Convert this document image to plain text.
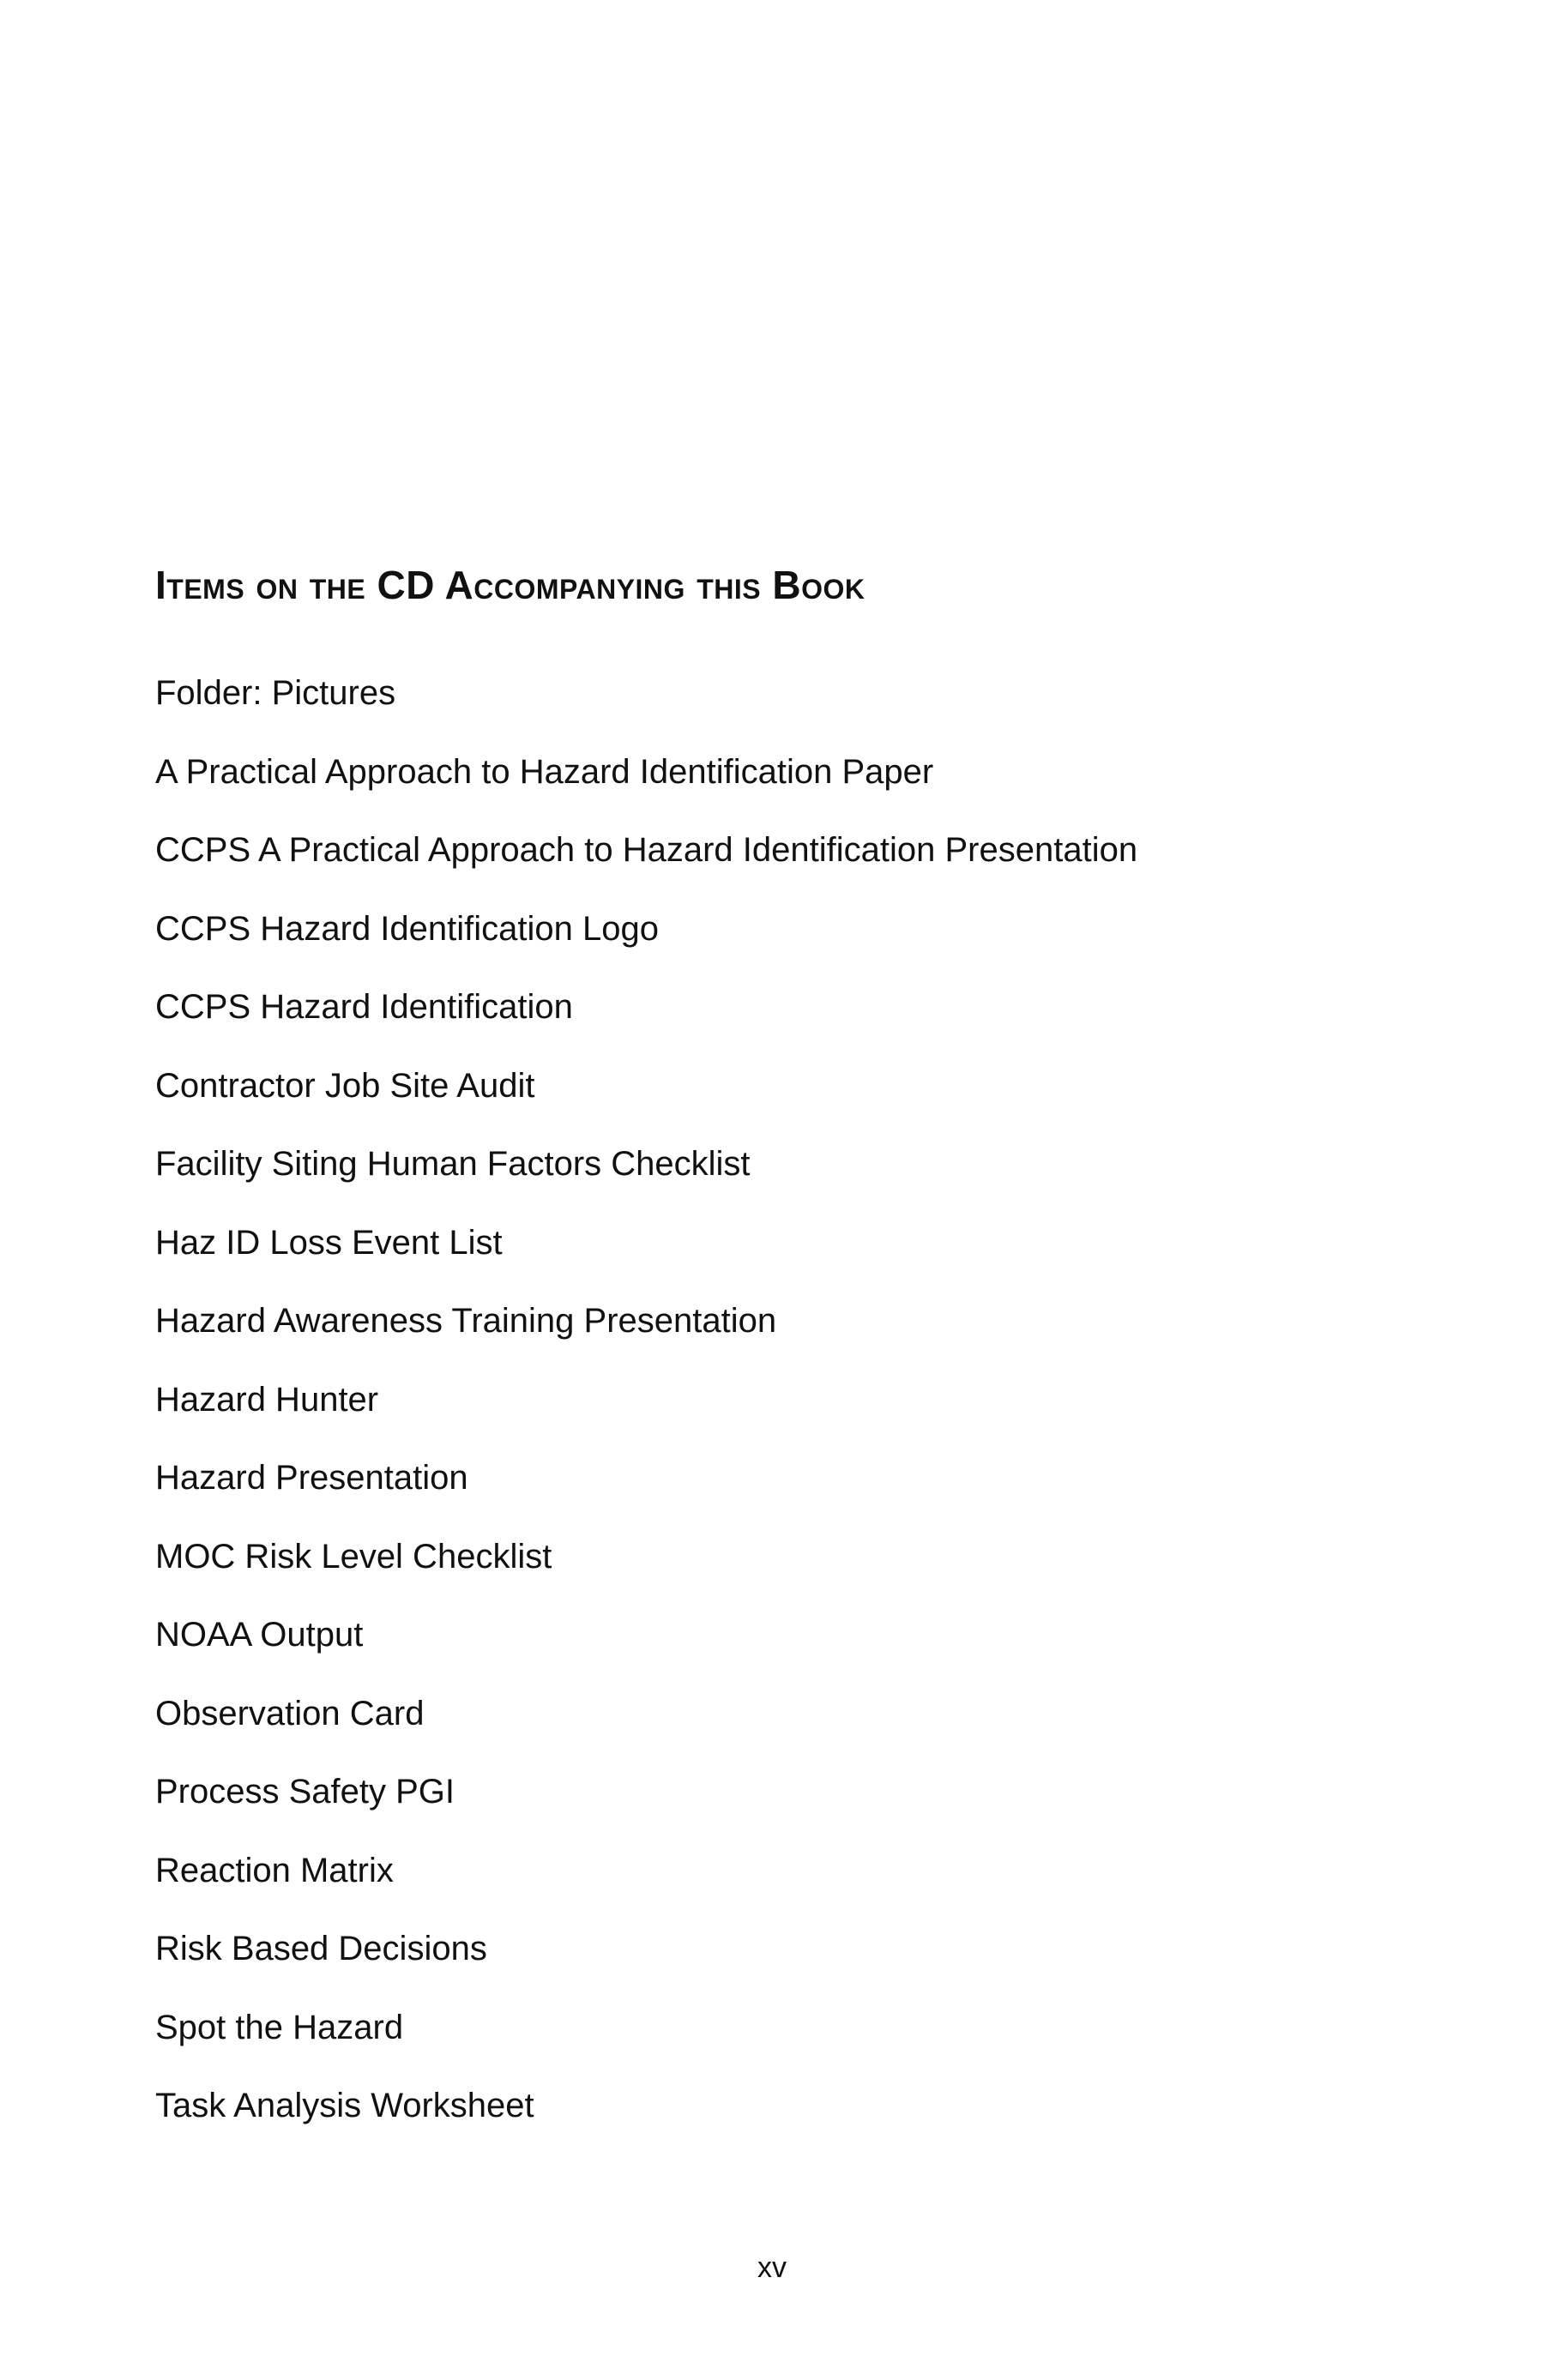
Items on the CD Accompanying this Book
Folder: Pictures
A Practical Approach to Hazard Identification Paper
CCPS A Practical Approach to Hazard Identification Presentation
CCPS Hazard Identification Logo
CCPS Hazard Identification
Contractor Job Site Audit
Facility Siting Human Factors Checklist
Haz ID Loss Event List
Hazard Awareness Training Presentation
Hazard Hunter
Hazard Presentation
MOC Risk Level Checklist
NOAA Output
Observation Card
Process Safety PGI
Reaction Matrix
Risk Based Decisions
Spot the Hazard
Task Analysis Worksheet
xv
